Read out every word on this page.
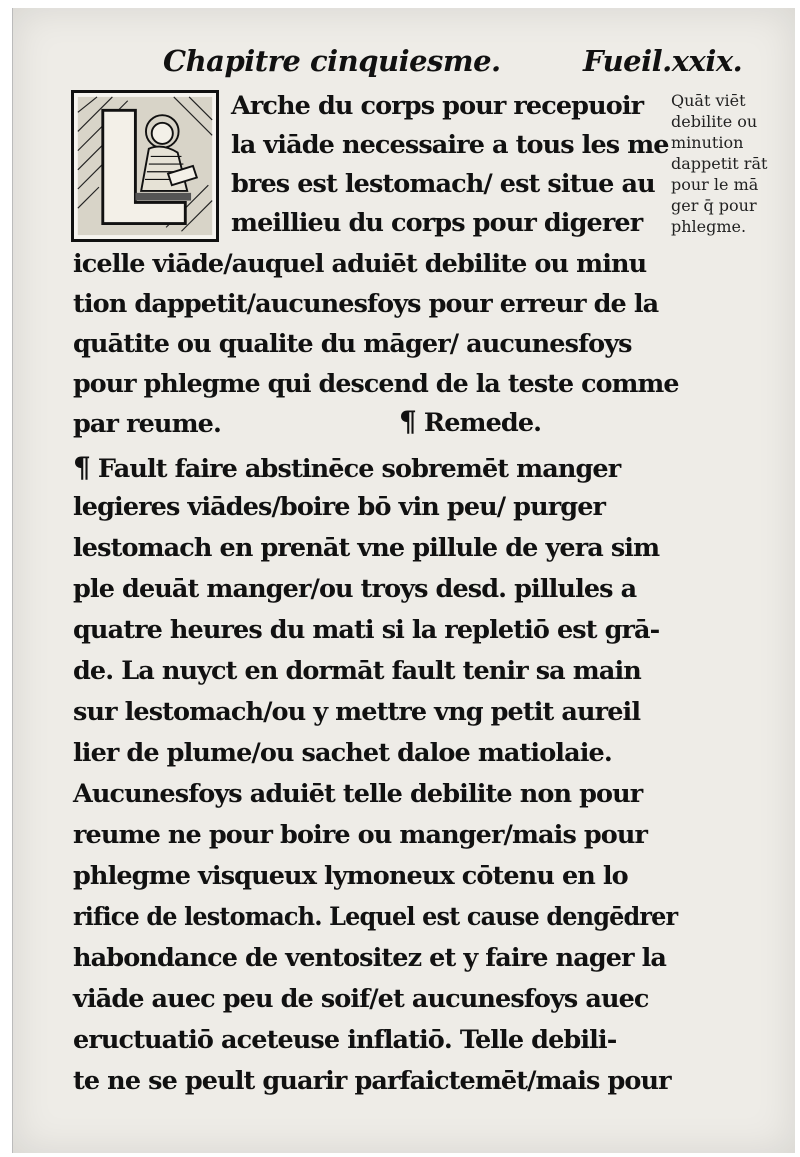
Chapitre cinquiesme.	Fueil.xxix.
Arche du corps pour recepuoir
la viāde necessaire a tous les me
bres est lestomach/ est situe au
meillieu du corps pour digerer
icelle viāde/auquel aduiēt debilite ou minu
tion dappetit/aucunesfoys pour erreur de la
quātite ou qualite du māger/ aucunesfoys
pour phlegme qui descend de la teste comme
par reume.	¶ Remede.
¶ Fault faire abstinēce sobremēt manger
legieres viādes/boire bō vin peu/ purger
lestomach en prenāt vne pillule de yera sim
ple deuāt manger/ou troys desd. pillules a
quatre heures du mati si la repletiō est grā-
de. La nuyct en dormāt fault tenir sa main
sur lestomach/ou y mettre vng petit aureil
lier de plume/ou sachet daloe matiolaie.
Aucunesfoys aduiēt telle debilite non pour
reume ne pour boire ou manger/mais pour
phlegme visqueux lymoneux cōtenu en lo
rifice de lestomach. Lequel est cause dengēdrer
habondance de ventositez et y faire nager la
viāde auec peu de soif/et aucunesfoys auec
eructuatiō aceteuse inflatiō. Telle debili-
te ne se peult guarir parfaictemēt/mais pour
Quāt viēt
debilite ou
minution
dappetit rāt
pour le mā
ger q̄ pour
phlegme.
